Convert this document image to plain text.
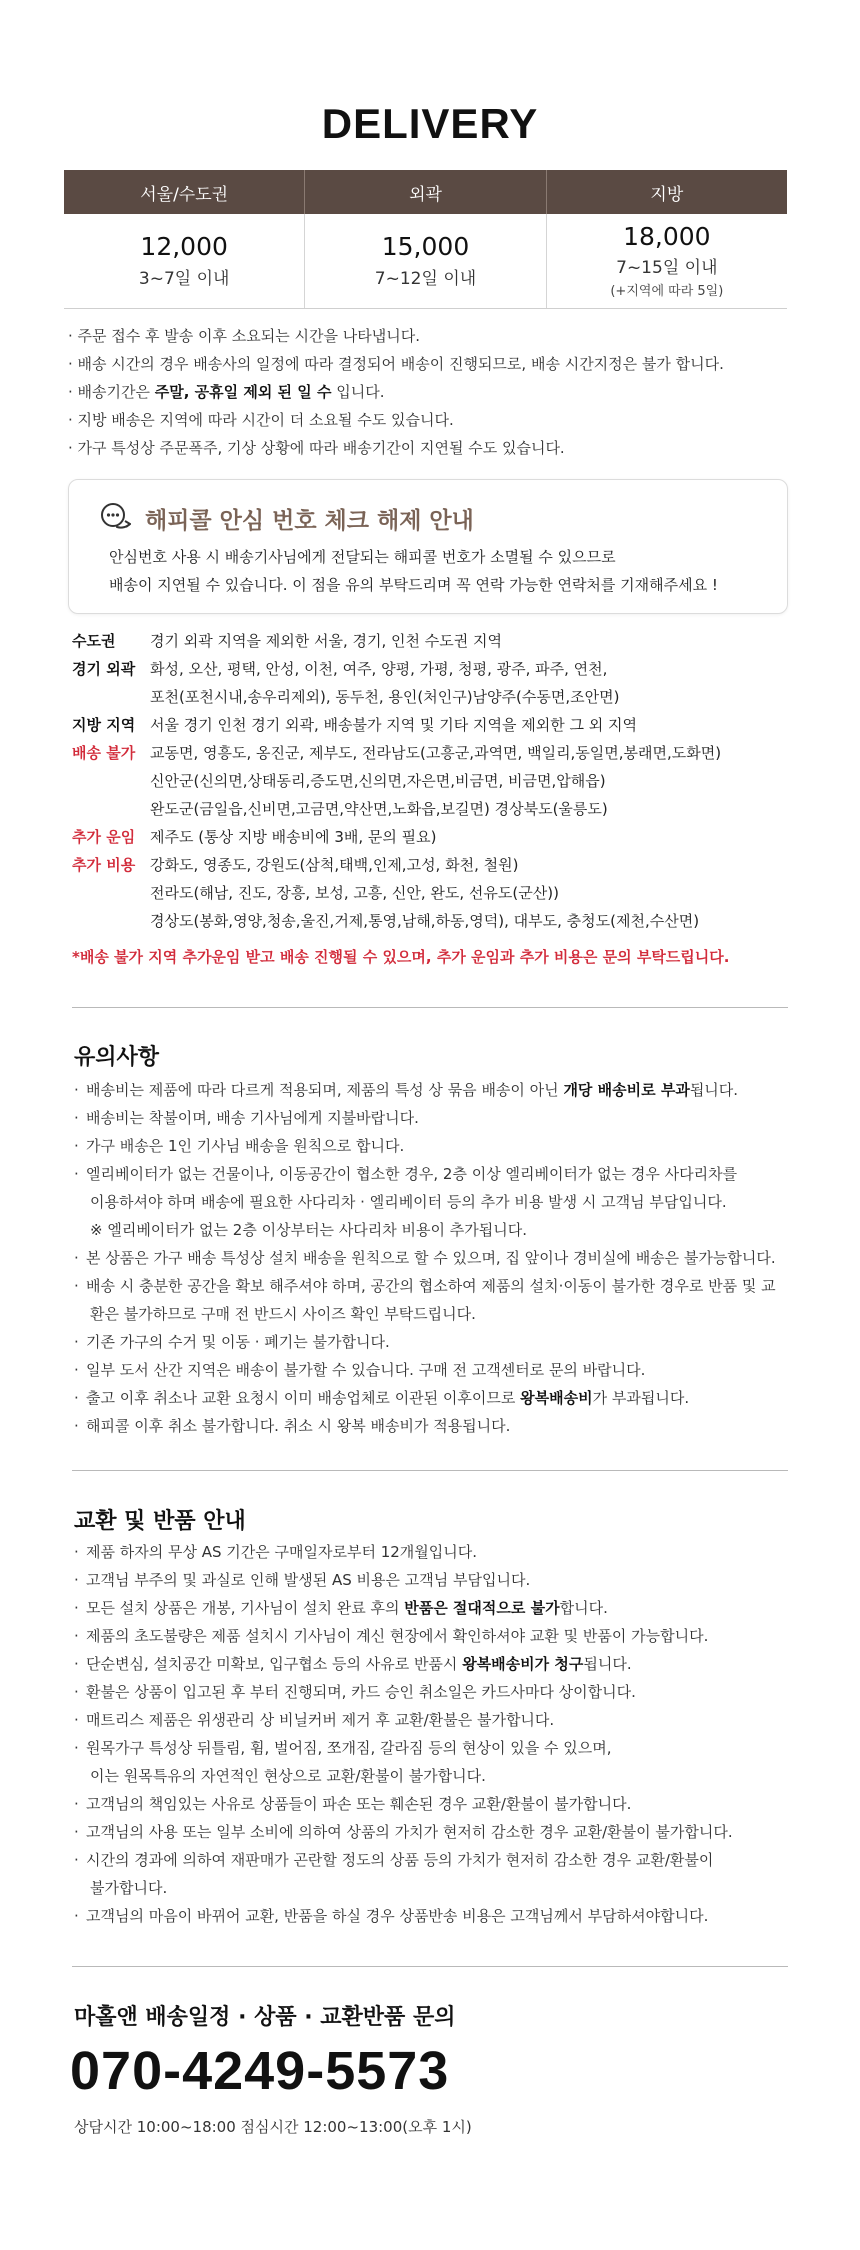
DELIVERY
서울/수도권	외곽	지방
12,000
3~7일 이내
15,000
7~12일 이내
18,000
7~15일 이내
(+지역에 따라 5일)
· 주문 접수 후 발송 이후 소요되는 시간을 나타냅니다.
· 배송 시간의 경우 배송사의 일정에 따라 결정되어 배송이 진행되므로, 배송 시간지정은 불가 합니다.
· 배송기간은 주말, 공휴일 제외 된 일 수 입니다.
· 지방 배송은 지역에 따라 시간이 더 소요될 수도 있습니다.
· 가구 특성상 주문폭주, 기상 상황에 따라 배송기간이 지연될 수도 있습니다.
해피콜 안심 번호 체크 해제 안내
안심번호 사용 시 배송기사님에게 전달되는 해피콜 번호가 소멸될 수 있으므로
배송이 지연될 수 있습니다. 이 점을 유의 부탁드리며 꼭 연락 가능한 연락처를 기재해주세요 !
수도권 경기 외곽 지역을 제외한 서울, 경기, 인천 수도권 지역
경기 외곽 화성, 오산, 평택, 안성, 이천, 여주, 양평, 가평, 청평, 광주, 파주, 연천,
포천(포천시내,송우리제외), 동두천, 용인(처인구)남양주(수동면,조안면)
지방 지역 서울 경기 인천 경기 외곽, 배송불가 지역 및 기타 지역을 제외한 그 외 지역
배송 불가 교동면, 영흥도, 옹진군, 제부도, 전라남도(고흥군,과역면, 백일리,동일면,봉래면,도화면)
신안군(신의면,상태동리,증도면,신의면,자은면,비금면, 비금면,압해읍)
완도군(금일읍,신비면,고금면,약산면,노화읍,보길면) 경상북도(울릉도)
추가 운임 제주도 (통상 지방 배송비에 3배, 문의 필요)
추가 비용 강화도, 영종도, 강원도(삼척,태백,인제,고성, 화천, 철원)
전라도(해남, 진도, 장흥, 보성, 고흥, 신안, 완도, 선유도(군산))
경상도(봉화,영양,청송,울진,거제,통영,남해,하동,영덕), 대부도, 충청도(제천,수산면)
*배송 불가 지역 추가운임 받고 배송 진행될 수 있으며, 추가 운임과 추가 비용은 문의 부탁드립니다.
유의사항
· 배송비는 제품에 따라 다르게 적용되며, 제품의 특성 상 묶음 배송이 아닌 개당 배송비로 부과됩니다.
· 배송비는 착불이며, 배송 기사님에게 지불바랍니다.
· 가구 배송은 1인 기사님 배송을 원칙으로 합니다.
· 엘리베이터가 없는 건물이나, 이동공간이 협소한 경우, 2층 이상 엘리베이터가 없는 경우 사다리차를
이용하셔야 하며 배송에 필요한 사다리차 · 엘리베이터 등의 추가 비용 발생 시 고객님 부담입니다.
※ 엘리베이터가 없는 2층 이상부터는 사다리차 비용이 추가됩니다.
· 본 상품은 가구 배송 특성상 설치 배송을 원칙으로 할 수 있으며, 집 앞이나 경비실에 배송은 불가능합니다.
· 배송 시 충분한 공간을 확보 해주셔야 하며, 공간의 협소하여 제품의 설치·이동이 불가한 경우로 반품 및 교
환은 불가하므로 구매 전 반드시 사이즈 확인 부탁드립니다.
· 기존 가구의 수거 및 이동 · 폐기는 불가합니다.
· 일부 도서 산간 지역은 배송이 불가할 수 있습니다. 구매 전 고객센터로 문의 바랍니다.
· 출고 이후 취소나 교환 요청시 이미 배송업체로 이관된 이후이므로 왕복배송비가 부과됩니다.
· 해피콜 이후 취소 불가합니다. 취소 시 왕복 배송비가 적용됩니다.
교환 및 반품 안내
· 제품 하자의 무상 AS 기간은 구매일자로부터 12개월입니다.
· 고객님 부주의 및 과실로 인해 발생된 AS 비용은 고객님 부담입니다.
· 모든 설치 상품은 개봉, 기사님이 설치 완료 후의 반품은 절대적으로 불가합니다.
· 제품의 초도불량은 제품 설치시 기사님이 계신 현장에서 확인하셔야 교환 및 반품이 가능합니다.
· 단순변심, 설치공간 미확보, 입구협소 등의 사유로 반품시 왕복배송비가 청구됩니다.
· 환불은 상품이 입고된 후 부터 진행되며, 카드 승인 취소일은 카드사마다 상이합니다.
· 매트리스 제품은 위생관리 상 비닐커버 제거 후 교환/환불은 불가합니다.
· 원목가구 특성상 뒤틀림, 휨, 벌어짐, 쪼개짐, 갈라짐 등의 현상이 있을 수 있으며,
이는 원목특유의 자연적인 현상으로 교환/환불이 불가합니다.
· 고객님의 책임있는 사유로 상품들이 파손 또는 훼손된 경우 교환/환불이 불가합니다.
· 고객님의 사용 또는 일부 소비에 의하여 상품의 가치가 현저히 감소한 경우 교환/환불이 불가합니다.
· 시간의 경과에 의하여 재판매가 곤란할 정도의 상품 등의 가치가 현저히 감소한 경우 교환/환불이
불가합니다.
· 고객님의 마음이 바뀌어 교환, 반품을 하실 경우 상품반송 비용은 고객님께서 부담하셔야합니다.
마홀앤 배송일정 · 상품 · 교환반품 문의
070-4249-5573
상담시간 10:00~18:00 점심시간 12:00~13:00(오후 1시)
